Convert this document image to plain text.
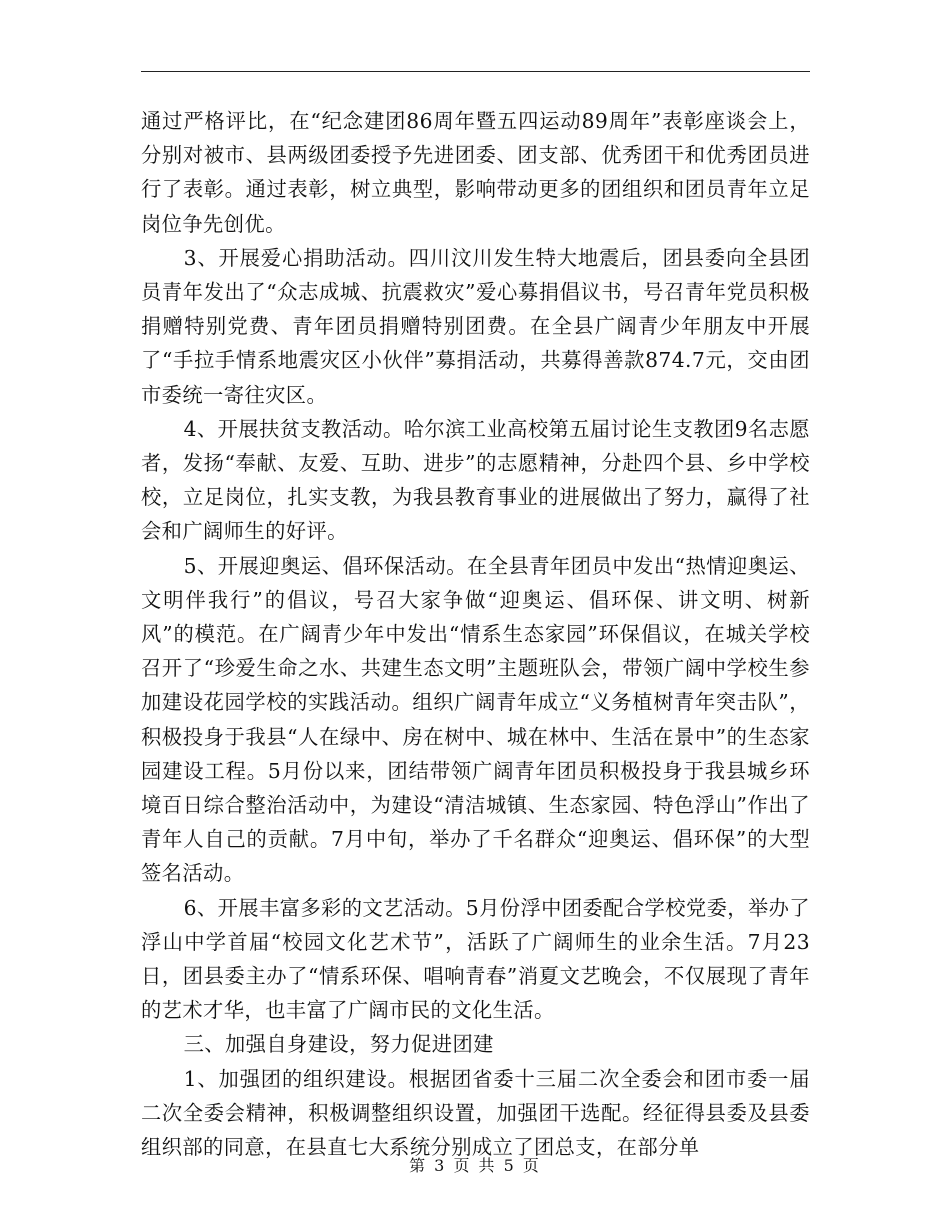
通过严格评比，在“纪念建团86周年暨五四运动89周年”表彰座谈会上，分别对被市、县两级团委授予先进团委、团支部、优秀团干和优秀团员进行了表彰。通过表彰，树立典型，影响带动更多的团组织和团员青年立足岗位争先创优。

3、开展爱心捐助活动。四川汶川发生特大地震后，团县委向全县团员青年发出了“众志成城、抗震救灾”爱心募捐倡议书，号召青年党员积极捐赠特别党费、青年团员捐赠特别团费。在全县广阔青少年朋友中开展了“手拉手情系地震灾区小伙伴”募捐活动，共募得善款874.7元，交由团市委统一寄往灾区。

4、开展扶贫支教活动。哈尔滨工业高校第五届讨论生支教团9名志愿者，发扬“奉献、友爱、互助、进步”的志愿精神，分赴四个县、乡中学校校，立足岗位，扎实支教，为我县教育事业的进展做出了努力，赢得了社会和广阔师生的好评。

5、开展迎奥运、倡环保活动。在全县青年团员中发出“热情迎奥运、文明伴我行”的倡议，号召大家争做“迎奥运、倡环保、讲文明、树新风”的模范。在广阔青少年中发出“情系生态家园”环保倡议，在城关学校召开了“珍爱生命之水、共建生态文明”主题班队会，带领广阔中学校生参加建设花园学校的实践活动。组织广阔青年成立“义务植树青年突击队”，积极投身于我县“人在绿中、房在树中、城在林中、生活在景中”的生态家园建设工程。5月份以来，团结带领广阔青年团员积极投身于我县城乡环境百日综合整治活动中，为建设“清洁城镇、生态家园、特色浮山”作出了青年人自己的贡献。7月中旬，举办了千名群众“迎奥运、倡环保”的大型签名活动。

6、开展丰富多彩的文艺活动。5月份浮中团委配合学校党委，举办了浮山中学首届“校园文化艺术节”，活跃了广阔师生的业余生活。7月23日，团县委主办了“情系环保、唱响青春”消夏文艺晚会，不仅展现了青年的艺术才华，也丰富了广阔市民的文化生活。

三、加强自身建设，努力促进团建

1、加强团的组织建设。根据团省委十三届二次全委会和团市委一届二次全委会精神，积极调整组织设置，加强团干选配。经征得县委及县委组织部的同意，在县直七大系统分别成立了团总支，在部分单

第 3 页 共 5 页
